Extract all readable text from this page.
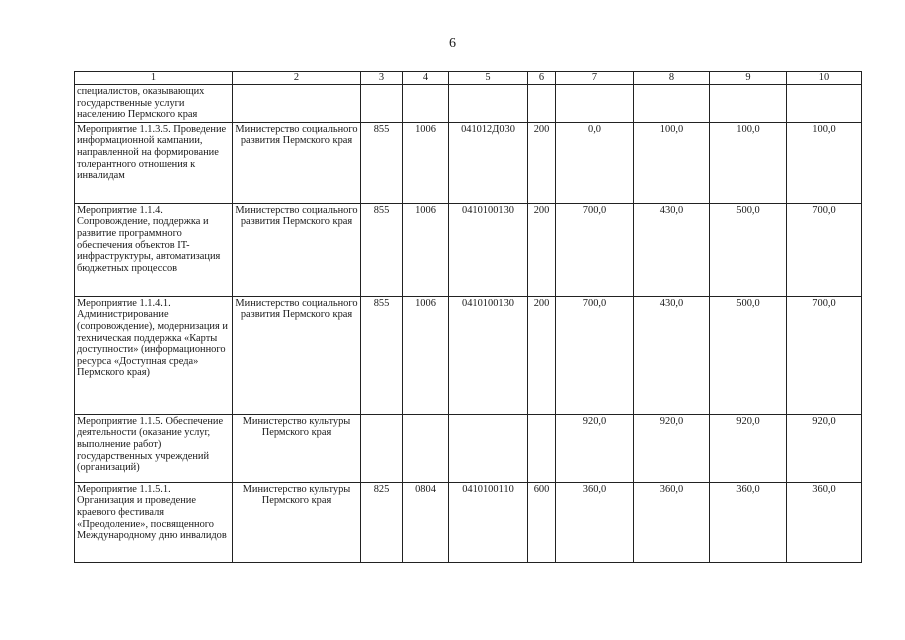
6
1	2	3	4	5	6	7	8	9	10
специалистов, оказывающих государственные услуги населению Пермского края									
Мероприятие 1.1.3.5. Проведение информационной кампании, направленной на формирование толерантного отношения к инвалидам	Министерство социального развития Пермского края	855	1006	041012Д030	200	0,0	100,0	100,0	100,0
Мероприятие 1.1.4. Сопровождение, поддержка и развитие программного обеспечения объектов IT-инфраструктуры, автоматизация бюджетных процессов	Министерство социального развития Пермского края	855	1006	0410100130	200	700,0	430,0	500,0	700,0
Мероприятие 1.1.4.1. Администрирование (сопровождение), модернизация и техническая поддержка «Карты доступности» (информационного ресурса «Доступная среда» Пермского края)	Министерство социального развития Пермского края	855	1006	0410100130	200	700,0	430,0	500,0	700,0
Мероприятие 1.1.5. Обеспечение деятельности (оказание услуг, выполнение работ) государственных учреждений (организаций)	Министерство культуры Пермского края					920,0	920,0	920,0	920,0
Мероприятие 1.1.5.1. Организация и проведение краевого фестиваля «Преодоление», посвященного Международному дню инвалидов	Министерство культуры Пермского края	825	0804	0410100110	600	360,0	360,0	360,0	360,0
